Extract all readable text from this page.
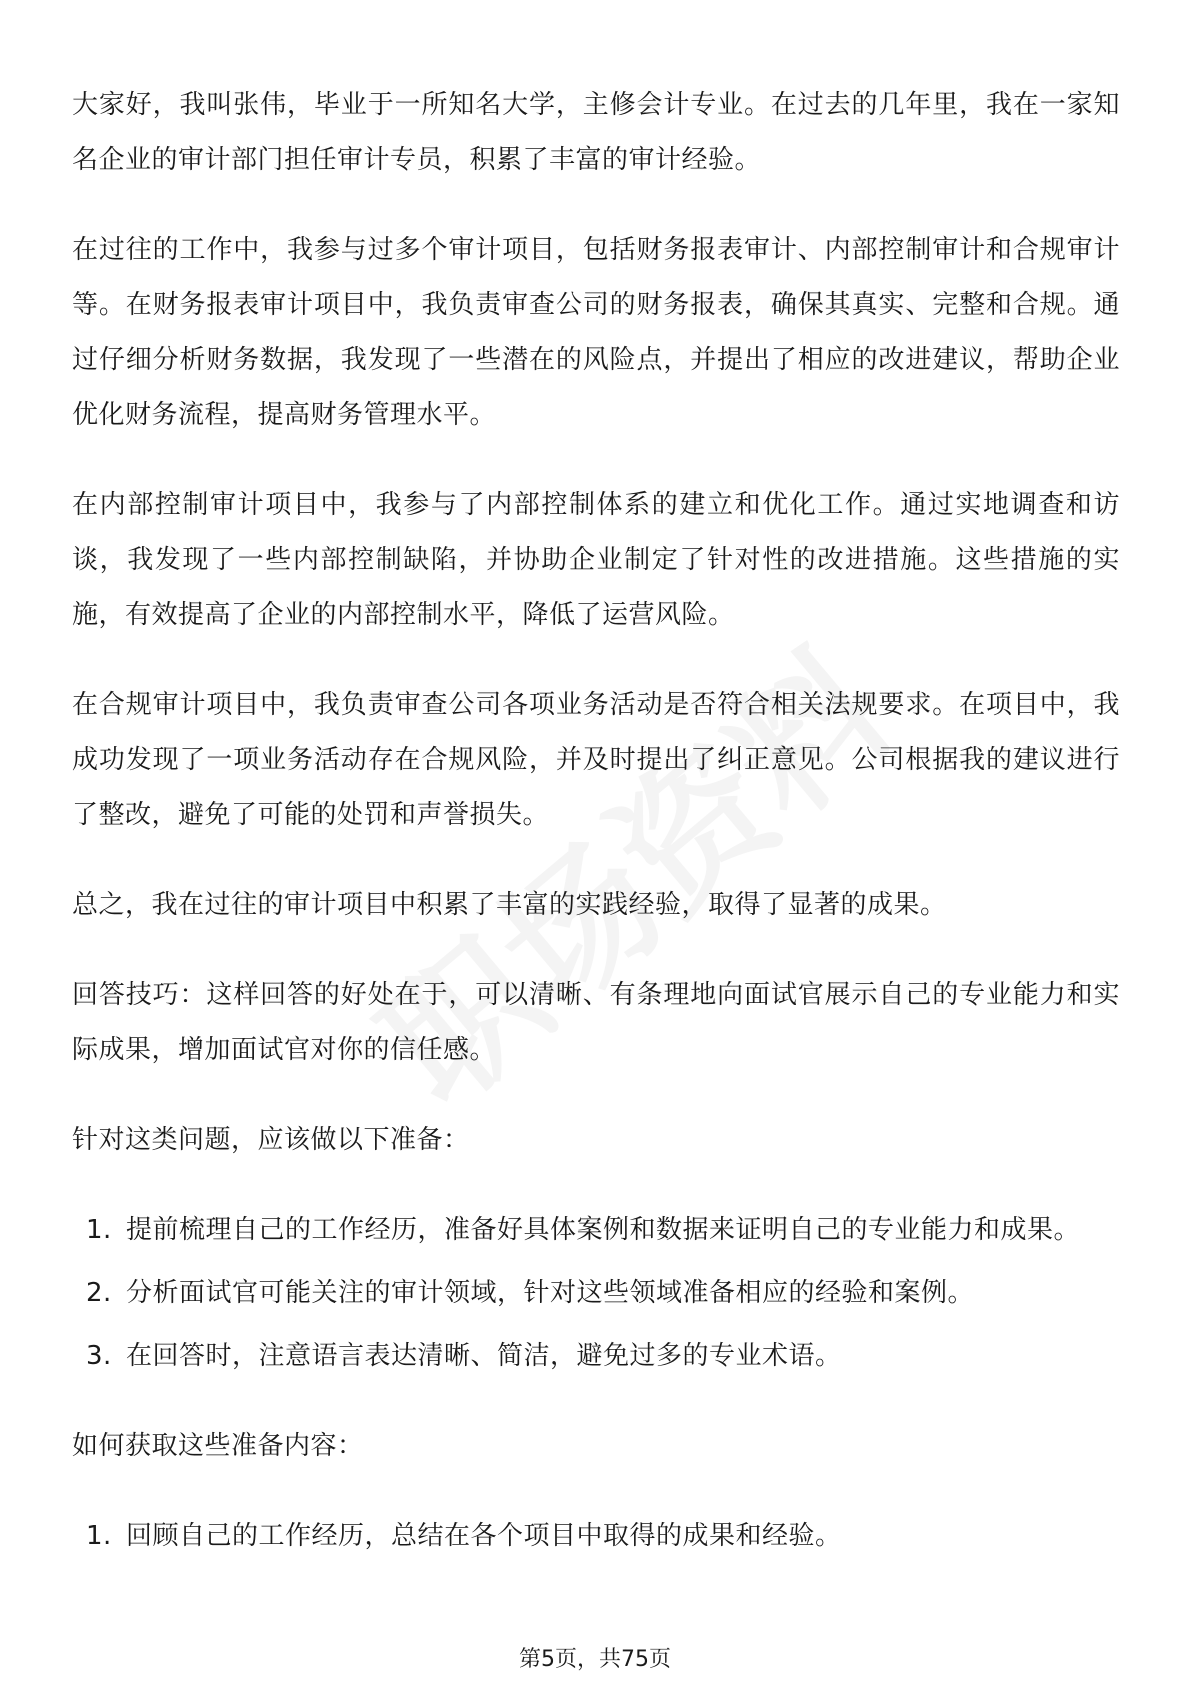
大家好，我叫张伟，毕业于一所知名大学，主修会计专业。在过去的几年里，我在一家知名企业的审计部门担任审计专员，积累了丰富的审计经验。

在过往的工作中，我参与过多个审计项目，包括财务报表审计、内部控制审计和合规审计等。在财务报表审计项目中，我负责审查公司的财务报表，确保其真实、完整和合规。通过仔细分析财务数据，我发现了一些潜在的风险点，并提出了相应的改进建议，帮助企业优化财务流程，提高财务管理水平。

在内部控制审计项目中，我参与了内部控制体系的建立和优化工作。通过实地调查和访谈，我发现了一些内部控制缺陷，并协助企业制定了针对性的改进措施。这些措施的实施，有效提高了企业的内部控制水平，降低了运营风险。

在合规审计项目中，我负责审查公司各项业务活动是否符合相关法规要求。在项目中，我成功发现了一项业务活动存在合规风险，并及时提出了纠正意见。公司根据我的建议进行了整改，避免了可能的处罚和声誉损失。

总之，我在过往的审计项目中积累了丰富的实践经验，取得了显著的成果。

回答技巧：这样回答的好处在于，可以清晰、有条理地向面试官展示自己的专业能力和实际成果，增加面试官对你的信任感。

针对这类问题，应该做以下准备：

1. 提前梳理自己的工作经历，准备好具体案例和数据来证明自己的专业能力和成果。
2. 分析面试官可能关注的审计领域，针对这些领域准备相应的经验和案例。
3. 在回答时，注意语言表达清晰、简洁，避免过多的专业术语。

如何获取这些准备内容：

1. 回顾自己的工作经历，总结在各个项目中取得的成果和经验。
第5页，共75页
